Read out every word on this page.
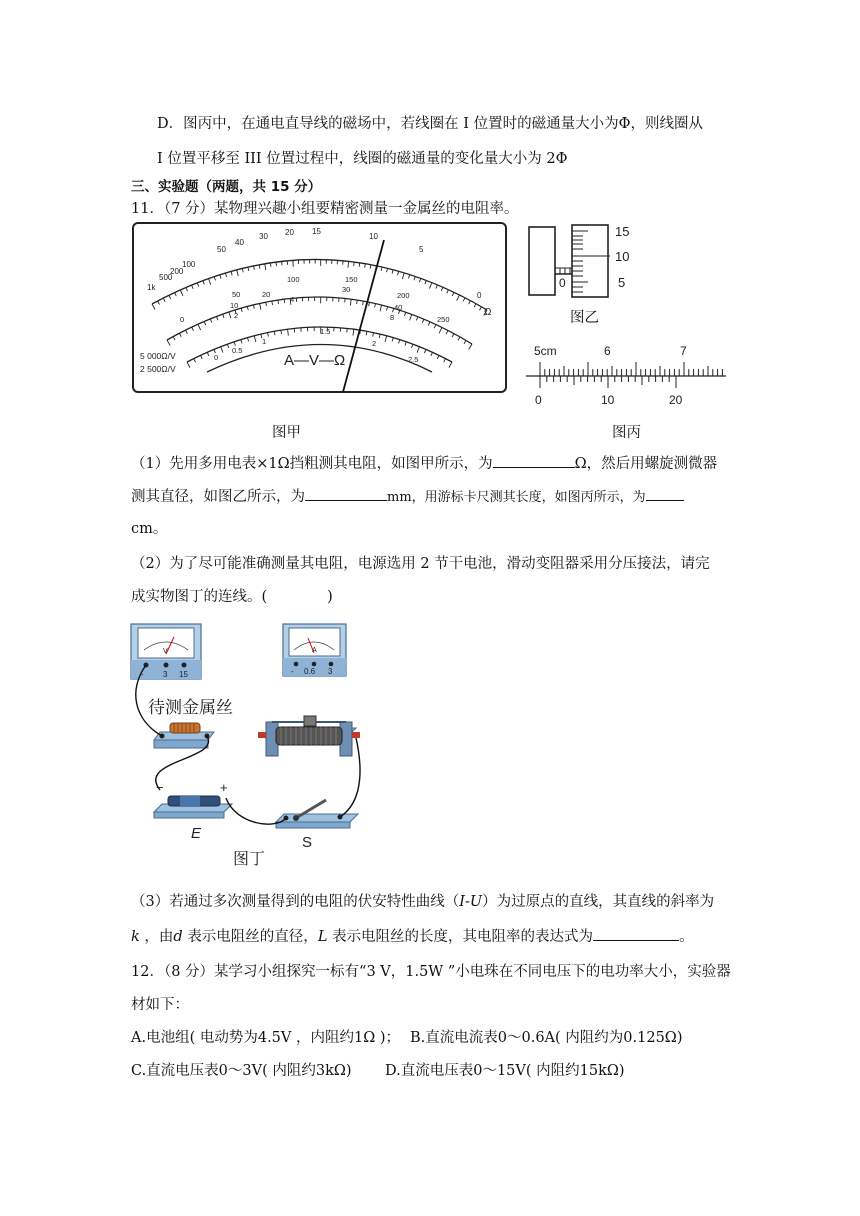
D．图丙中，在通电直导线的磁场中，若线圈在 I 位置时的磁通量大小为Φ，则线圈从
I 位置平移至 III 位置过程中，线圈的磁通量的变化量大小为 2Φ
三、实验题（两题，共 15 分）
11．（7 分）某物理兴趣小组要精密测量一金属丝的电阻率。
1k
500
200
100
50
40
30 20 15
10
5
0
0
50
100	150
200
250
10
20
30
40
2
4
8
0
0.5
1
1.5
2
2.5
A—V—Ω
Ω
5 000Ω/V
2 500Ω/V
图甲
15
10
5
0
图乙
5cm	6	7
0	10	20
图丙
（1）先用多用电表×1Ω挡粗测其电阻，如图甲所示，为	Ω，然后用螺旋测微器
测其直径，如图乙所示，为	mm，用游标卡尺测其长度，如图丙所示，为
cm。
（2）为了尽可能准确测量其电阻，电源选用 2 节干电池，滑动变阻器采用分压接法，请完
成实物图丁的连线。(	)
V
- 3 15
A
- 0.6 3
待测金属丝
−	+
E
S
图丁
（3）若通过多次测量得到的电阻的伏安特性曲线（I-U）为过原点的直线，其直线的斜率为
k ，由d 表示电阻丝的直径，L 表示电阻丝的长度，其电阻率的表达式为	。
12．（8 分）某学习小组探究一标有“3 V，1.5W ”小电珠在不同电压下的电功率大小，实验器
材如下：
A.电池组( 电动势为4.5V ，内阻约1Ω )； B.直流电流表0～0.6A( 内阻约为0.125Ω)
C.直流电压表0～3V( 内阻约3kΩ) D.直流电压表0～15V( 内阻约15kΩ)
